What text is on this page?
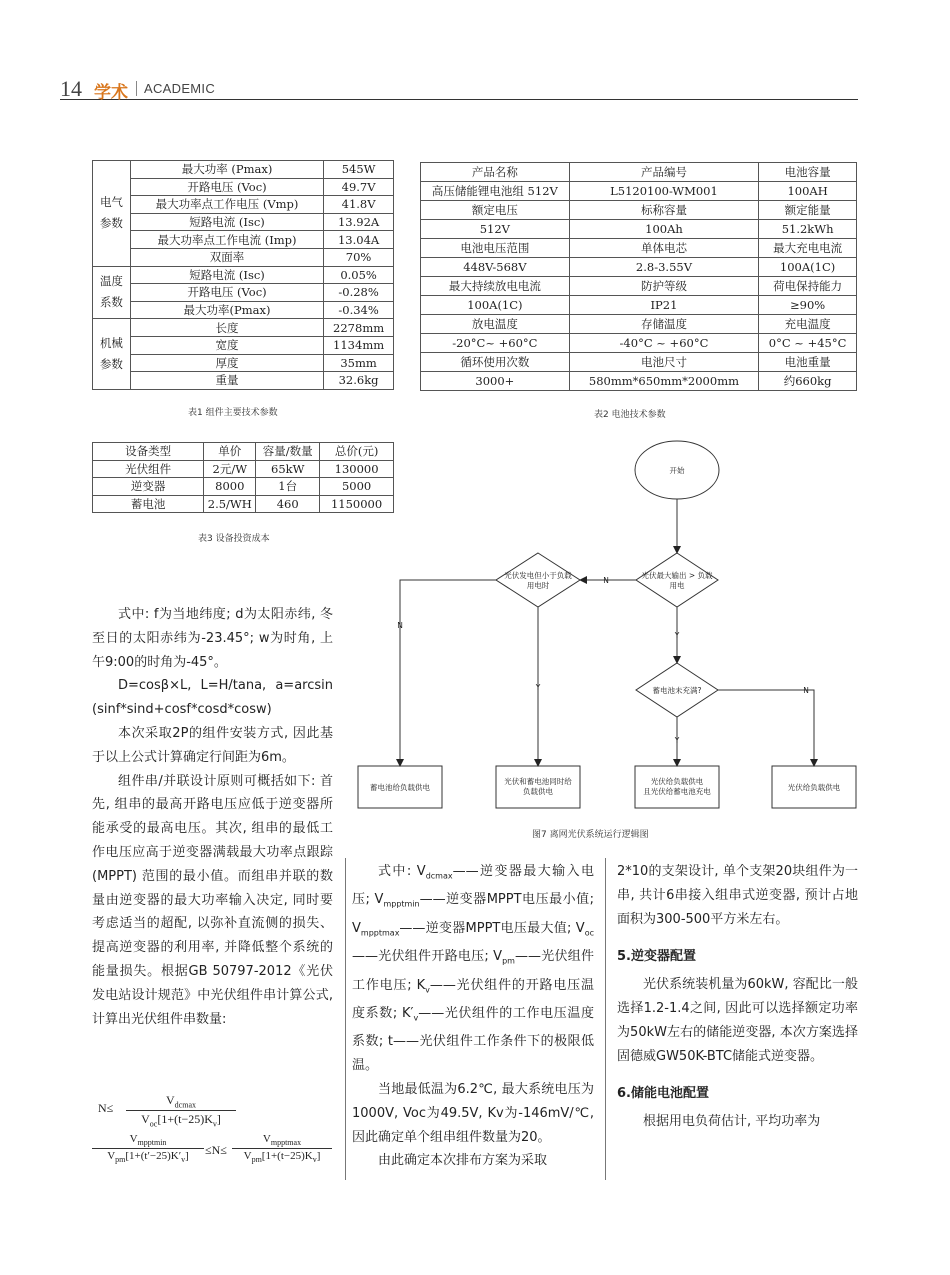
14 学术 ACADEMIC
电气
参数	最大功率 (Pmax)	545W
	开路电压 (Voc)	49.7V
	最大功率点工作电压 (Vmp)	41.8V
	短路电流 (Isc)	13.92A
	最大功率点工作电流 (Imp)	13.04A
	双面率	70%

温度
系数	短路电流 (Isc)	0.05%
	开路电压 (Voc)	-0.28%
	最大功率(Pmax)	-0.34%

机械
参数	长度	2278mm
	宽度	1134mm
	厚度	35mm
	重量	32.6kg
表1 组件主要技术参数
产品名称	产品编号	电池容量
高压储能锂电池组 512V	L5120100-WM001	100AH
额定电压	标称容量	额定能量
512V	100Ah	51.2kWh
电池电压范围	单体电芯	最大充电电流
448V-568V	2.8-3.55V	100A(1C)
最大持续放电电流	防护等级	荷电保持能力
100A(1C)	IP21	≥90%
放电温度	存储温度	充电温度
-20°C~ +60°C	-40°C ~ +60°C	0°C ~ +45°C
循环使用次数	电池尺寸	电池重量
3000+	580mm*650mm*2000mm	约660kg
表2 电池技术参数
设备类型	单价	容量/数量	总价(元)
光伏组件	2元/W	65kW	130000
逆变器	8000	1台	5000
蓄电池	2.5/WH	460	1150000
表3 设备投资成本
开始
光伏最大输出 > 负载
用电
光伏发电但小于负载
用电时
蓄电池未充满?
蓄电池给负载供电
光伏和蓄电池同时给
负载供电
光伏给负载供电
且光伏给蓄电池充电	光伏给负载供电
N
N
N
Y
Y
Y
图7 离网光伏系统运行逻辑图

式中: f为当地纬度; d为太阳赤纬, 冬至日的太阳赤纬为-23.45°; w为时角, 上午9:00的时角为-45°。

D=cosβ×L, L=H/tana, a=arcsin(sinf*sind+cosf*cosd*cosw)

本次采取2P的组件安装方式, 因此基于以上公式计算确定行间距为6m。

组件串/并联设计原则可概括如下: 首先, 组串的最高开路电压应低于逆变器所能承受的最高电压。其次, 组串的最低工作电压应高于逆变器满载最大功率点跟踪 (MPPT) 范围的最小值。而组串并联的数量由逆变器的最大功率输入决定, 同时要考虑适当的超配, 以弥补直流侧的损失、提高逆变器的利用率, 并降低整个系统的能量损失。根据GB 50797-2012《光伏发电站设计规范》中光伏组件串计算公式, 计算出光伏组件串数量:

N≤
$V_{dcmax}$
$V_{oc}[1+(t-25)K_v]$
$V_{mpptmin}$
$V_{pm}[1+(t'-25)K'_v]$	≤N≤
$V_{mpptmax}$
$V_{pm}[1+(t-25)K_v]$

式中: $V_{dcmax}——$逆变器最大输入电压; $V_{mpptmin}——$逆变器MPPT电压最小值; $V_{mpptmax}——$逆变器MPPT电压最大值; $V_{oc}——$光伏组件开路电压; $V_{pm}——$光伏组件工作电压; $K_v——$光伏组件的开路电压温度系数; $K'_v——$光伏组件的工作电压温度系数; t——光伏组件工作条件下的极限低温。

当地最低温为6.2℃, 最大系统电压为1000V, Voc为49.5V, Kv为-146mV/℃, 因此确定单个组串组件数量为20。

由此确定本次排布方案为采取

2*10的支架设计, 单个支架20块组件为一串, 共计6串接入组串式逆变器, 预计占地面积为300-500平方米左右。

5.逆变器配置

光伏系统装机量为60kW, 容配比一般选择1.2-1.4之间, 因此可以选择额定功率为50kW左右的储能逆变器, 本次方案选择固德威GW50K-BTC储能式逆变器。

6.储能电池配置

根据用电负荷估计, 平均功率为
